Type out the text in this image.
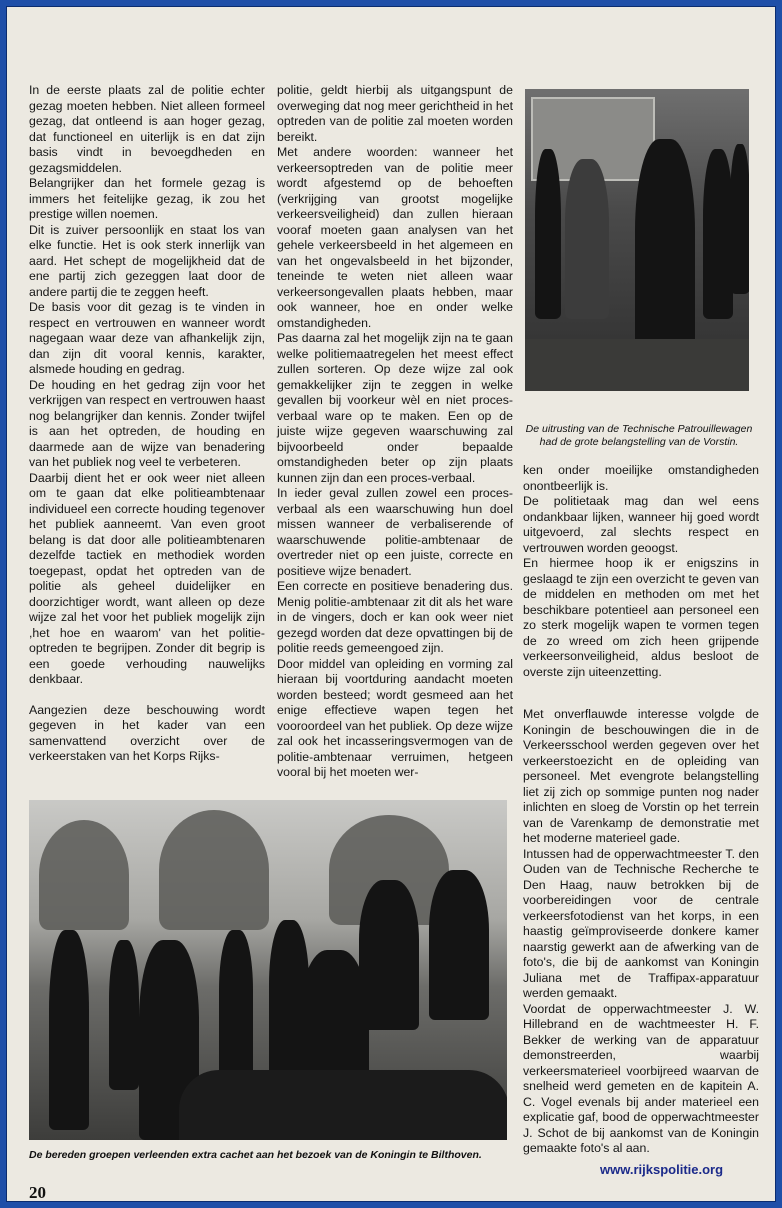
In de eerste plaats zal de politie echter gezag moeten hebben. Niet alleen formeel gezag, dat ontleend is aan hoger gezag, dat functioneel en uiterlijk is en dat zijn basis vindt in bevoegdheden en gezagsmiddelen.

Belangrijker dan het formele gezag is immers het feitelijke gezag, ik zou het prestige willen noemen.

Dit is zuiver persoonlijk en staat los van elke functie. Het is ook sterk innerlijk van aard. Het schept de mogelijkheid dat de ene partij zich gezeggen laat door de andere partij die te zeggen heeft.

De basis voor dit gezag is te vinden in respect en vertrouwen en wanneer wordt nagegaan waar deze van afhankelijk zijn, dan zijn dit vooral kennis, karakter, alsmede houding en gedrag.

De houding en het gedrag zijn voor het verkrijgen van respect en vertrouwen haast nog belangrijker dan kennis. Zonder twijfel is aan het optreden, de houding en daarmede aan de wijze van benadering van het publiek nog veel te verbeteren.

Daarbij dient het er ook weer niet alleen om te gaan dat elke politieambtenaar individueel een correcte houding tegenover het publiek aanneemt. Van even groot belang is dat door alle politieambtenaren dezelfde tactiek en methodiek worden toegepast, opdat het optreden van de politie als geheel duidelijker en doorzichtiger wordt, want alleen op deze wijze zal het voor het publiek mogelijk zijn ,het hoe en waarom' van het politie-optreden te begrijpen. Zonder dit begrip is een goede verhouding nauwelijks denkbaar.

Aangezien deze beschouwing wordt gegeven in het kader van een samenvattend overzicht over de verkeerstaken van het Korps Rijks-

politie, geldt hierbij als uitgangspunt de overweging dat nog meer gerichtheid in het optreden van de politie zal moeten worden bereikt.

Met andere woorden: wanneer het verkeersoptreden van de politie meer wordt afgestemd op de behoeften (verkrijging van grootst mogelijke verkeersveiligheid) dan zullen hieraan vooraf moeten gaan analysen van het gehele verkeersbeeld in het algemeen en van het ongevalsbeeld in het bijzonder, teneinde te weten niet alleen waar verkeersongevallen plaats hebben, maar ook wanneer, hoe en onder welke omstandigheden.

Pas daarna zal het mogelijk zijn na te gaan welke politiemaatregelen het meest effect zullen sorteren. Op deze wijze zal ook gemakkelijker zijn te zeggen in welke gevallen bij voorkeur wèl en niet proces-verbaal ware op te maken. Een op de juiste wijze gegeven waarschuwing zal bijvoorbeeld onder bepaalde omstandigheden beter op zijn plaats kunnen zijn dan een proces-verbaal.

In ieder geval zullen zowel een proces-verbaal als een waarschuwing hun doel missen wanneer de verbaliserende of waarschuwende politie-ambtenaar de overtreder niet op een juiste, correcte en positieve wijze benadert.

Een correcte en positieve benadering dus. Menig politie-ambtenaar zit dit als het ware in de vingers, doch er kan ook weer niet gezegd worden dat deze opvattingen bij de politie reeds gemeengoed zijn.

Door middel van opleiding en vorming zal hieraan bij voortduring aandacht moeten worden besteed; wordt gesmeed aan het enige effectieve wapen tegen het vooroordeel van het publiek. Op deze wijze zal ook het incasseringsvermogen van de politie-ambtenaar verruimen, hetgeen vooral bij het moeten wer-

De uitrusting van de Technische Patrouillewagen had de grote belangstelling van de Vorstin.

ken onder moeilijke omstandigheden onontbeerlijk is.

De politietaak mag dan wel eens ondankbaar lijken, wanneer hij goed wordt uitgevoerd, zal slechts respect en vertrouwen worden geoogst.

En hiermee hoop ik er enigszins in geslaagd te zijn een overzicht te geven van de middelen en methoden om met het beschikbare potentieel aan personeel een zo sterk mogelijk wapen te vormen tegen de zo wreed om zich heen grijpende verkeersonveiligheid, aldus besloot de overste zijn uiteenzetting.

Met onverflauwde interesse volgde de Koningin de beschouwingen die in de Verkeersschool werden gegeven over het verkeerstoezicht en de opleiding van personeel. Met evengrote belangstelling liet zij zich op sommige punten nog nader inlichten en sloeg de Vorstin op het terrein van de Varenkamp de demonstratie met het moderne materieel gade.

Intussen had de opperwachtmeester T. den Ouden van de Technische Recherche te Den Haag, nauw betrokken bij de voorbereidingen voor de centrale verkeersfotodienst van het korps, in een haastig geïmproviseerde donkere kamer naarstig gewerkt aan de afwerking van de foto's, die bij de aankomst van Koningin Juliana met de Traffipax-apparatuur werden gemaakt.

Voordat de opperwachtmeester J. W. Hillebrand en de wachtmeester H. F. Bekker de werking van de apparatuur demonstreerden, waarbij verkeersmaterieel voorbijreed waarvan de snelheid werd gemeten en de kapitein A. C. Vogel evenals bij ander materieel een explicatie gaf, bood de opperwachtmeester J. Schot de bij aankomst van de Koningin gemaakte foto's al aan.

De bereden groepen verleenden extra cachet aan het bezoek van de Koningin te Bilthoven.
20
www.rijkspolitie.org
